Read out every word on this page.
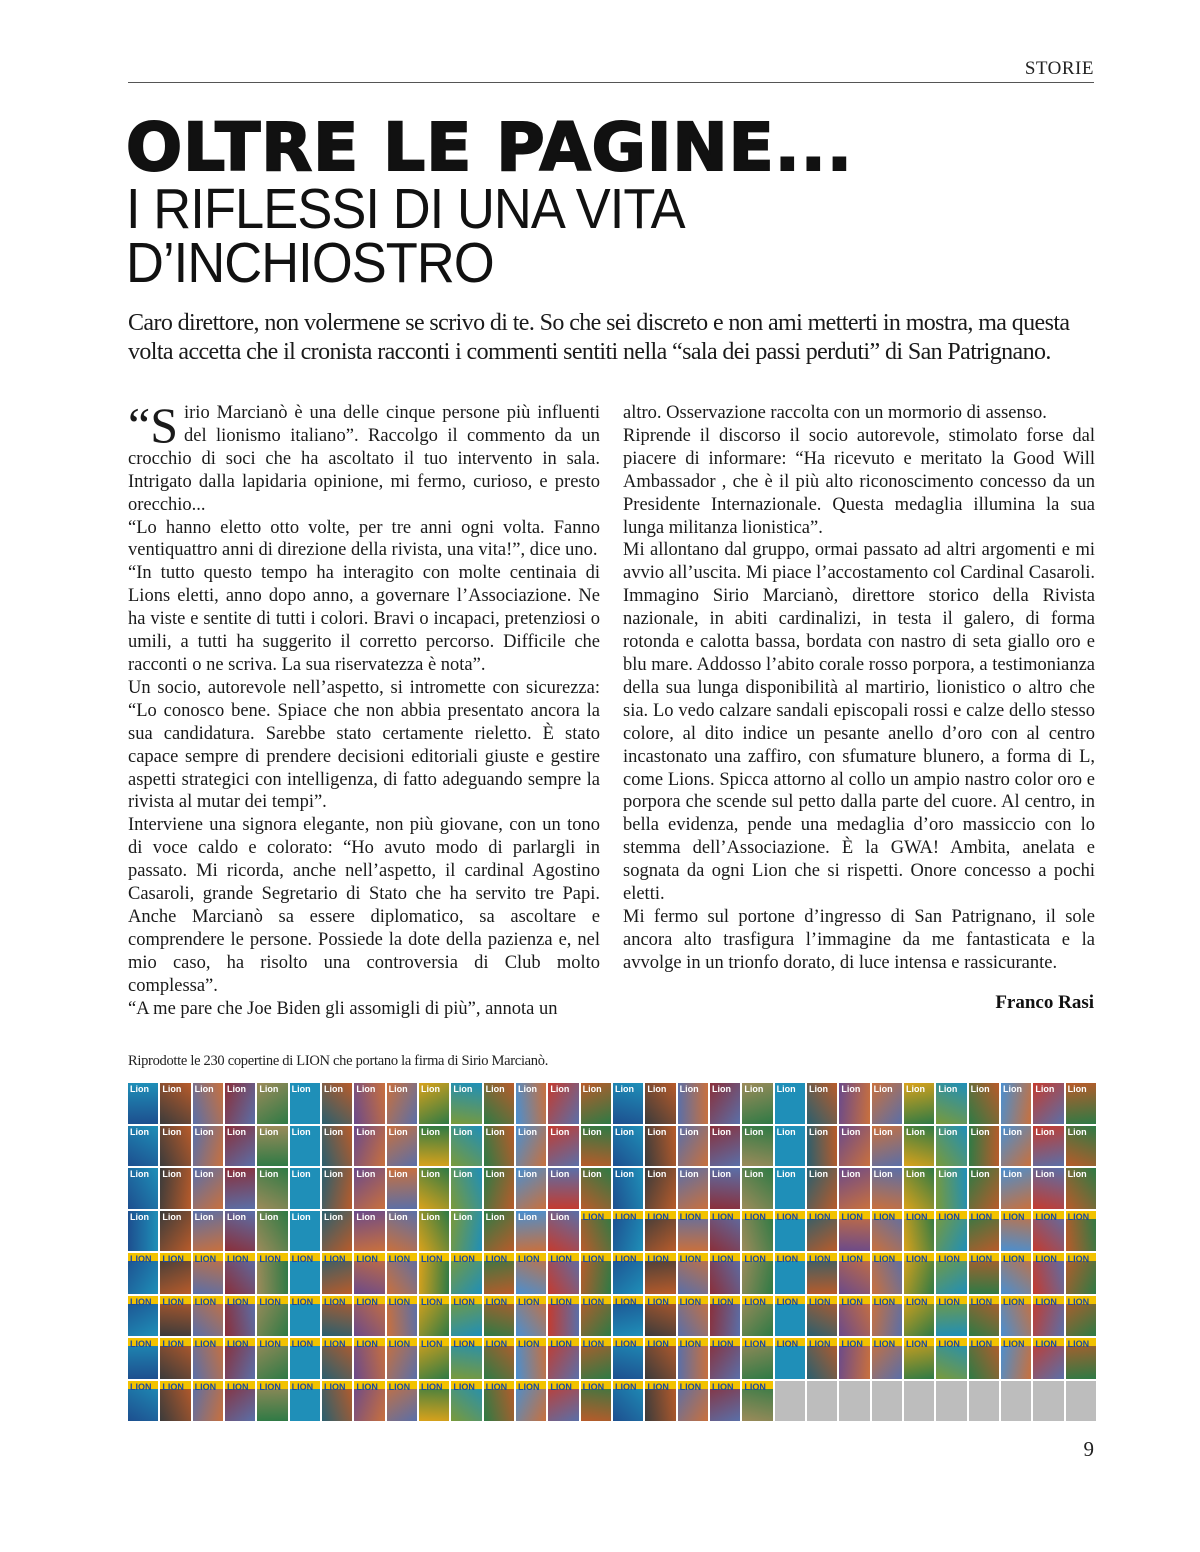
STORIE
OLTRE LE PAGINE...
I RIFLESSI DI UNA VITA
D’INCHIOSTRO
Caro direttore, non volermene se scrivo di te. So che sei discreto e non ami metterti in mostra, ma questa
volta accetta che il cronista racconti i commenti sentiti nella “sala dei passi perduti” di San Patrignano.
“S irio Marcianò è una delle cinque persone più influenti del lionismo italiano”. Raccolgo il commento da un crocchio di soci che ha ascoltato il tuo intervento in sala. Intrigato dalla lapidaria opinione, mi fermo, curioso, e presto orecchio...

“Lo hanno eletto otto volte, per tre anni ogni volta. Fanno ventiquattro anni di direzione della rivista, una vita!”, dice uno.

“In tutto questo tempo ha interagito con molte centinaia di Lions eletti, anno dopo anno, a governare l’Associazione. Ne ha viste e sentite di tutti i colori. Bravi o incapaci, pretenziosi o umili, a tutti ha suggerito il corretto percorso. Difficile che racconti o ne scriva. La sua riservatezza è nota”.

Un socio, autorevole nell’aspetto, si intromette con sicurezza: “Lo conosco bene. Spiace che non abbia presentato ancora la sua candidatura. Sarebbe stato certamente rieletto. È stato capace sempre di prendere decisioni editoriali giuste e gestire aspetti strategici con intelligenza, di fatto adeguando sempre la rivista al mutar dei tempi”.

Interviene una signora elegante, non più giovane, con un tono di voce caldo e colorato: “Ho avuto modo di parlargli in passato. Mi ricorda, anche nell’aspetto, il cardinal Agostino Casaroli, grande Segretario di Stato che ha servito tre Papi. Anche Marcianò sa essere diplomatico, sa ascoltare e comprendere le persone. Possiede la dote della pazienza e, nel mio caso, ha risolto una controversia di Club molto complessa”.

“A me pare che Joe Biden gli assomigli di più”, annota un

altro. Osservazione raccolta con un mormorio di assenso.

Riprende il discorso il socio autorevole, stimolato forse dal piacere di informare: “Ha ricevuto e meritato la Good Will Ambassador , che è il più alto riconoscimento concesso da un Presidente Internazionale. Questa medaglia illumina la sua lunga militanza lionistica”.

Mi allontano dal gruppo, ormai passato ad altri argomenti e mi avvio all’uscita. Mi piace l’accostamento col Cardinal Casaroli. Immagino Sirio Marcianò, direttore storico della Rivista nazionale, in abiti cardinalizi, in testa il galero, di forma rotonda e calotta bassa, bordata con nastro di seta giallo oro e blu mare. Addosso l’abito corale rosso porpora, a testimonianza della sua lunga disponibilità al martirio, lionistico o altro che sia. Lo vedo calzare sandali episcopali rossi e calze dello stesso colore, al dito indice un pesante anello d’oro con al centro incastonato una zaffiro, con sfumature blunero, a forma di L, come Lions. Spicca attorno al collo un ampio nastro color oro e porpora che scende sul petto dalla parte del cuore. Al centro, in bella evidenza, pende una medaglia d’oro massiccio con lo stemma dell’Associazione. È la GWA! Ambita, anelata e sognata da ogni Lion che si rispetti. Onore concesso a pochi eletti.

Mi fermo sul portone d’ingresso di San Patrignano, il sole ancora alto trasfigura l’immagine da me fantasticata e la avvolge in un trionfo dorato, di luce intensa e rassicurante.

Franco Rasi
Riprodotte le 230 copertine di LION che portano la firma di Sirio Marcianò.
Lion Lion Lion Lion Lion Lion Lion Lion Lion Lion Lion Lion Lion Lion Lion Lion Lion Lion Lion Lion Lion Lion Lion Lion Lion Lion Lion Lion Lion Lion
Lion Lion Lion Lion Lion Lion Lion Lion Lion Lion Lion Lion Lion Lion Lion Lion Lion Lion Lion Lion Lion Lion Lion Lion Lion Lion Lion Lion Lion Lion
Lion Lion Lion Lion Lion Lion Lion Lion Lion Lion Lion Lion Lion Lion Lion Lion Lion Lion Lion Lion Lion Lion Lion Lion Lion Lion Lion Lion Lion Lion
Lion Lion Lion Lion Lion Lion Lion Lion Lion Lion Lion Lion Lion Lion LION LION LION LION LION LION LION LION LION LION LION LION LION LION LION LION
LION LION LION LION LION LION LION LION LION LION LION LION LION LION LION LION LION LION LION LION LION LION LION LION LION LION LION LION LION LION
LION LION LION LION LION LION LION LION LION LION LION LION LION LION LION LION LION LION LION LION LION LION LION LION LION LION LION LION LION LION
LION LION LION LION LION LION LION LION LION LION LION LION LION LION LION LION LION LION LION LION LION LION LION LION LION LION LION LION LION LION
LION LION LION LION LION LION LION LION LION LION LION LION LION LION LION LION LION LION LION LION
9
